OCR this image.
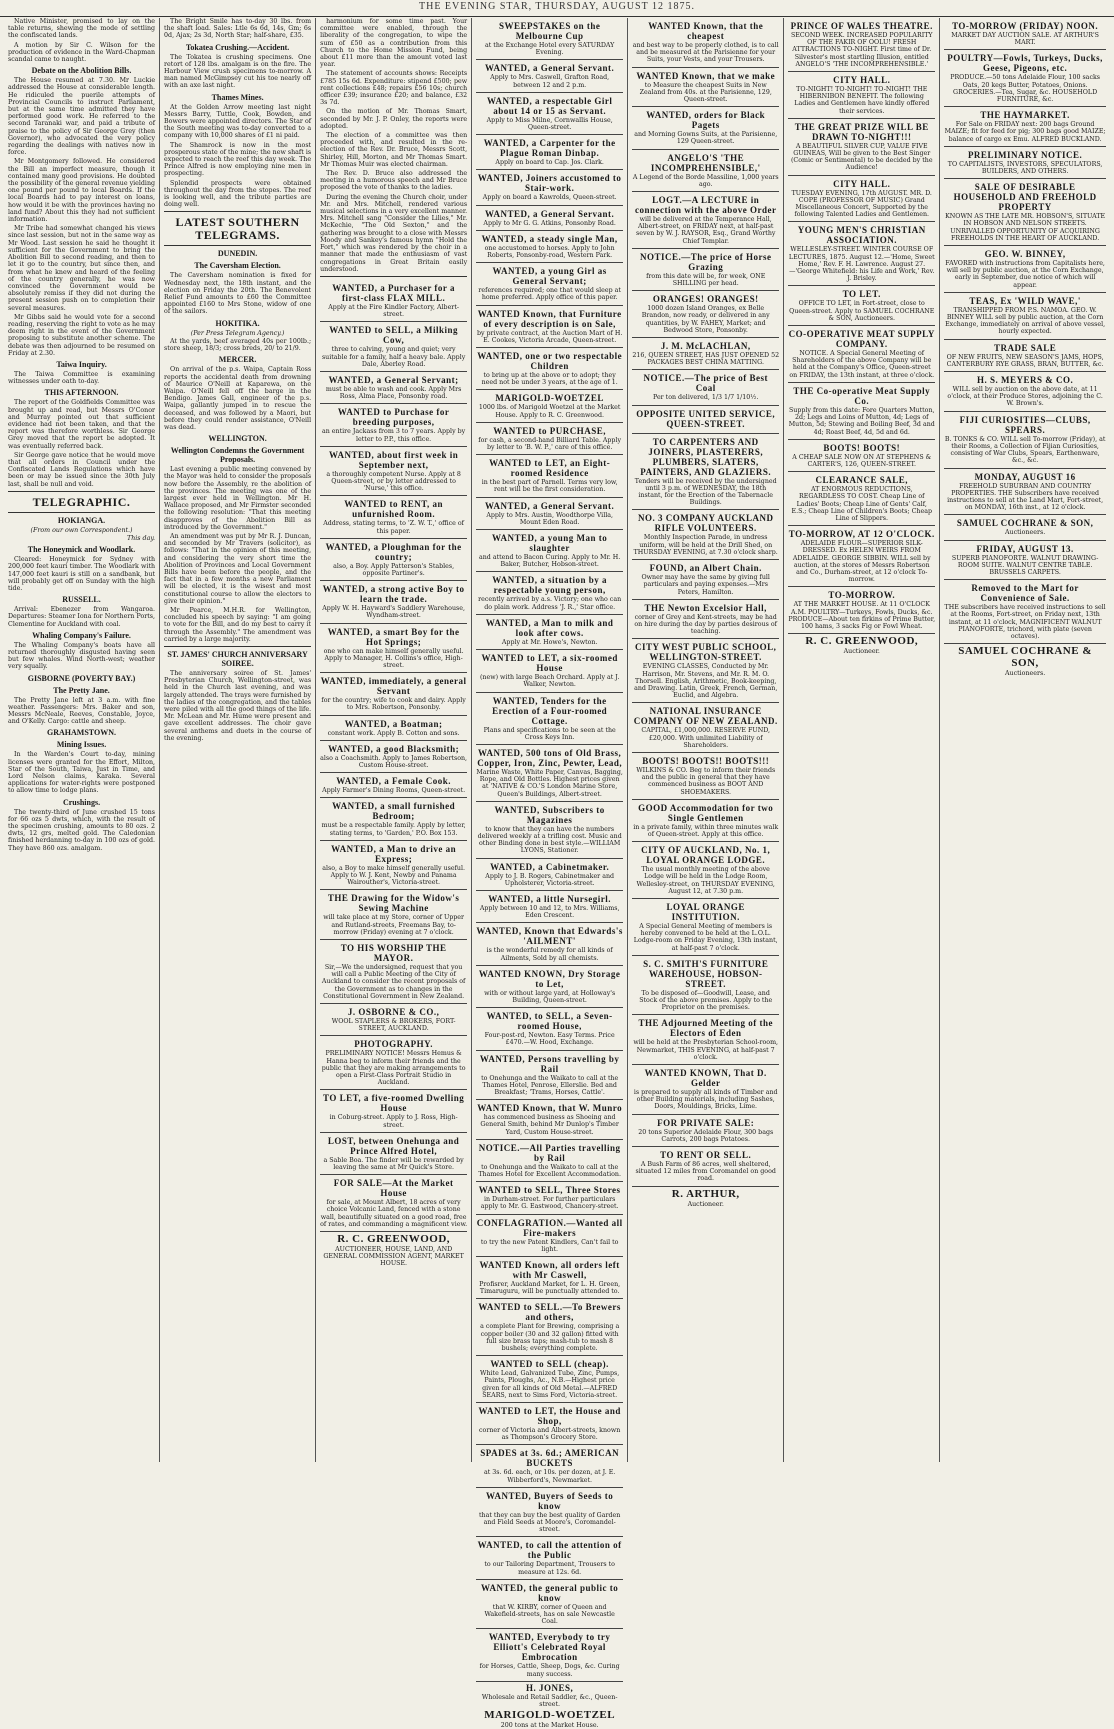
THE EVENING STAR, THURSDAY, AUGUST 12 1875.

Native Minister, promised to lay on the table returns, shewing the mode of settling the confiscated lands.

A motion by Sir C. Wilson for the production of evidence in the Ward-Chapman scandal came to naught.

Debate on the Abolition Bills.

The House resumed at 7.30. Mr Luckie addressed the House at considerable length. He ridiculed the puerile attempts of Provincial Councils to instruct Parliament, but at the same time admitted they have performed good work. He referred to the second Taranaki war, and paid a tribute of praise to the policy of Sir George Grey (then Governor), who advocated the very policy regarding the dealings with natives now in force.

Mr Montgomery followed. He considered the Bill an imperfect measure, though it contained many good provisions. He doubted the possibility of the general revenue yielding one pound per pound to local Boards. If the local Boards had to pay interest on loans, how would it be with the provinces having no land fund? About this they had not sufficient information.

Mr Tribe had somewhat changed his views since last session, but not in the same way as Mr Wood. Last session he said he thought it sufficient for the Government to bring the Abolition Bill to second reading, and then to let it go to the country, but since then, and from what he knew and heard of the feeling of the country generally, he was now convinced the Government would be absolutely remiss if they did not during the present session push on to completion their several measures.

Mr Gibbs said he would vote for a second reading, reserving the right to vote as he may deem right in the event of the Government proposing to substitute another scheme. The debate was then adjourned to be resumed on Friday at 2.30.

Taiwa Inquiry.

The Taiwa Committee is examining witnesses under oath to-day.

THIS AFTERNOON.

The report of the Goldfields Committee was brought up and read, but Messrs O'Conor and Murray pointed out that sufficient evidence had not been taken, and that the report was therefore worthless. Sir George Grey moved that the report be adopted. It was eventually referred back.

Sir George gave notice that he would move that all orders in Council under the Confiscated Lands Regulations which have been or may be issued since the 30th July last, shall be null and void.

TELEGRAPHIC.
HOKIANGA.
(From our own Correspondent.)
This day.
The Honeymick and Woodlark.

Cleared: Honeymick for Sydney with 200,000 feet kauri timber. The Woodlark with 147,000 feet kauri is still on a sandbank, but will probably get off on Sunday with the high tide.

RUSSELL.

Arrival: Ebenezer from Wangaroa. Departures: Steamer Iona for Northern Ports, Clementine for Auckland with coal.

Whaling Company's Failure.

The Whaling Company's boats have all returned thoroughly disgusted having seen but few whales. Wind North-west; weather very squally.

GISBORNE (POVERTY BAY.)
The Pretty Jane.

The Pretty Jane left at 3 a.m. with fine weather. Passengers: Mrs. Baker and son, Messrs McNeale, Reeves, Constable, Joyce, and O'Kelly. Cargo: cattle and sheep.

GRAHAMSTOWN.
Mining Issues.

In the Warden's Court to-day, mining licenses were granted for the Effort, Milton, Star of the South, Taiwa, Just in Time, and Lord Nelson claims, Karaka. Several applications for water-rights were postponed to allow time to lodge plans.

Crushings.

The twenty-third of June crushed 15 tons for 66 ozs 5 dwts, which, with the result of the specimen crushing, amounts to 80 ozs. 2 dwts, 12 grs, melted gold. The Caledonian finished herdanning to-day in 100 ozs of gold. They have 860 ozs. amalgam.

The Bright Smile has to-day 30 lbs. from the shaft load. Sales: Ltle 6s 6d, 14s, Gm; 6s 0d, Ajax; 2s 3d, North Star; half-share, £35.

Tokatea Crushing.—Accident.

The Tokatea is crushing specimens. One retort of 128 lbs. amalgam is on the fire. The Harbour View crush specimens to-morrow. A man named McGimpsey cut his toe nearly off with an axe last night.

Thames Mines.

At the Golden Arrow meeting last night Messrs Barry, Tuttle, Cook, Bowden, and Bowers were appointed directors. The Star of the South meeting was to-day converted to a company with 10,000 shares of £1 ni paid.

The Shamrock is now in the most prosperous state of the mine; the new shaft is expected to reach the reef this day week. The Prince Alfred is now employing nine men in prospecting.

Splendid prospects were obtained throughout the day from the stopes. The reef is looking well, and the tribute parties are doing well.

LATEST SOUTHERN TELEGRAMS.
DUNEDIN.
The Caversham Election.

The Caversham nomination is fixed for Wednesday next, the 18th instant, and the election on Friday the 20th. The Benevolent Relief Fund amounts to £60 the Committee appointed £160 to Mrs Stone, widow of one of the sailors.

HOKITIKA.
(Per Press Telegram Agency.)

At the yards, beef averaged 40s per 100lb.; store sheep, 18/3; cross breds, 20/ to 21/9.

MERCER.

On arrival of the p.s. Waipa, Captain Ross reports the accidental death from drowning of Maurice O'Neill at Kaparewa, on the Waipa. O'Neill fell off the barge in the Bendigo. James Gall, engineer of the p.s. Waipa, gallantly jumped in to rescue the deceased, and was followed by a Maori, but before they could render assistance, O'Neill was dead.

WELLINGTON.
Wellington Condemns the Government Proposals.

Last evening a public meeting convened by the Mayor was held to consider the proposals now before the Assembly, re the abolition of the provinces. The meeting was one of the largest ever held in Wellington. Mr H. Wallace proposed, and Mr Firmster seconded the following resolution: "That this meeting disapproves of the Abolition Bill as introduced by the Government."

An amendment was put by Mr R. J. Duncan, and seconded by Mr Travers (solicitor), as follows: "That in the opinion of this meeting, and considering the very short time the Abolition of Provinces and Local Government Bills have been before the people, and the fact that in a few months a new Parliament will be elected, it is the wisest and most constitutional course to allow the electors to give their opinion."

Mr Pearce, M.H.R. for Wellington, concluded his speech by saying: "I am going to vote for the Bill, and do my best to carry it through the Assembly." The amendment was carried by a large majority.

ST. JAMES' CHURCH ANNIVERSARY SOIREE.

The anniversary soiree of St. James' Presbyterian Church, Wellington-street, was held in the Church last evening, and was largely attended. The trays were furnished by the ladies of the congregation, and the tables were piled with all the good things of the life. Mr. McLean and Mr. Hume were present and gave excellent addresses. The choir gave several anthems and duets in the course of the evening.

harmonium for some time past. Your committee were enabled, through the liberality of the congregation, to wipe the sum of £50 as a contribution from this Church to the Home Mission Fund, being about £11 more than the amount voted last year.

The statement of accounts shows: Receipts £785 15s 6d. Expenditure: stipend £500; pew rent collections £48; repairs £56 10s; church officer £39; insurance £20; and balance, £32 3s 7d.

On the motion of Mr. Thomas Smart, seconded by Mr. J. P. Onley, the reports were adopted.

The election of a committee was then proceeded with, and resulted in the re-election of the Rev. Dr. Bruce, Messrs Scott, Shirley, Hill, Morton, and Mr Thomas Smart. Mr Thomas Muir was elected chairman.

The Rev. D. Bruce also addressed the meeting in a humorous speech and Mr Bruce proposed the vote of thanks to the ladies.

During the evening the Church choir, under Mr. and Mrs. Mitchell, rendered various musical selections in a very excellent manner. Mrs. Mitchell sang "Consider the Lilies," Mr. McKechie, "The Old Sexton," and the gathering was brought to a close with Messrs Moody and Sankey's famous hymn "Hold the Fort," which was rendered by the choir in a manner that made the enthusiasm of vast congregations in Great Britain easily understood.

WANTED, a Purchaser for a first-class FLAX MILL.
Apply at the Fire Kindler Factory, Albert-street.
WANTED to SELL, a Milking Cow,
three to calving, young and quiet; very suitable for a family, half a heavy bale. Apply Dale, Aberley Road.
WANTED, a General Servant;
must be able to wash and cook. Apply Mrs Ross, Alma Place, Ponsonby road.
WANTED to Purchase for breeding purposes,
an entire Jackass from 3 to 7 years. Apply by letter to P.P., this office.
WANTED, about first week in September next,
a thoroughly competent Nurse. Apply at 8 Queen-street, or by letter addressed to 'Nurse,' this office.
WANTED to RENT, an unfurnished Room.
Address, stating terms, to 'Z. W. T.,' office of this paper.
WANTED, a Ploughman for the country;
also, a Boy. Apply Patterson's Stables, opposite Partiner's.
WANTED, a strong active Boy to learn the trade.
Apply W. H. Hayward's Saddlery Warehouse, Wyndham-street.
WANTED, a smart Boy for the Hot Springs;
one who can make himself generally useful. Apply to Manager, H. Collins's office, High-street.
WANTED, immediately, a general Servant
for the country; wife to cook and dairy. Apply to Mrs. Robertson, Ponsonby.
WANTED, a Boatman;
constant work. Apply B. Cotton and sons.
WANTED, a good Blacksmith;
also a Coachsmith. Apply to James Robertson, Custom House-street.
WANTED, a Female Cook.
Apply Farmer's Dining Rooms, Queen-street.
WANTED, a small furnished Bedroom;
must be a respectable family. Apply by letter, stating terms, to 'Garden,' P.O. Box 153.
WANTED, a Man to drive an Express;
also, a Boy to make himself generally useful. Apply to W. J. Kent, Newby and Panama Wairouther's, Victoria-street.
THE Drawing for the Widow's Sewing Machine
will take place at my Store, corner of Upper and Rutland-streets, Freemans Bay, to-morrow (Friday) evening at 7 o'clock.
TO HIS WORSHIP THE MAYOR.
Sir,—We the undersigned, request that you will call a Public Meeting of the City of Auckland to consider the recent proposals of the Government as to changes in the Constitutional Government in New Zealand.
J. OSBORNE & CO.,
WOOL STAPLERS & BROKERS, FORT-STREET, AUCKLAND.
PHOTOGRAPHY.
PRELIMINARY NOTICE! Messrs Hemus & Hanna beg to inform their friends and the public that they are making arrangements to open a First-Class Portrait Studio in Auckland.
TO LET, a five-roomed Dwelling House
in Coburg-street. Apply to J. Ross, High-street.
LOST, between Onehunga and Prince Alfred Hotel,
a Sable Boa. The finder will be rewarded by leaving the same at Mr Quick's Store.
FOR SALE—At the Market House
for sale, at Mount Albert, 18 acres of very choice Volcanic Land, fenced with a stone wall, beautifully situated on a good road, free of rates, and commanding a magnificent view.
R. C. GREENWOOD,
AUCTIONEER, HOUSE, LAND, AND GENERAL COMMISSION AGENT, MARKET HOUSE.
SWEEPSTAKES on the Melbourne Cup
at the Exchange Hotel every SATURDAY Evening.
WANTED, a General Servant.
Apply to Mrs. Caswell, Grafton Road, between 12 and 2 p.m.
WANTED, a respectable Girl about 14 or 15 as Servant.
Apply to Miss Milne, Cornwallis House, Queen-street.
WANTED, a Carpenter for the Plague Roman Dinbap.
Apply on board to Cap. Jos. Clark.
WANTED, Joiners accustomed to Stair-work.
Apply on board a Kawrolds, Queen-street.
WANTED, a General Servant.
Apply to Mr G. G. Atkins, Ponsonby Road.
WANTED, a steady single Man,
one accustomed to horses. Apply to John Roberts, Ponsonby-road, Western Park.
WANTED, a young Girl as General Servant;
references required; one that would sleep at home preferred. Apply office of this paper.
WANTED Known, that Furniture of every description is on Sale,
by private contract, at the Auction Mart of H. E. Cookes, Victoria Arcade, Queen-street.
WANTED, one or two respectable Children
to bring up at the above or to adopt; they need not be under 3 years, at the age of 1.
MARIGOLD-WOETZEL
1000 lbs. of Marigold Woetzel at the Market House. Apply to R. C. Greenwood.
WANTED to PURCHASE,
for cash, a second-hand Billiard Table. Apply by letter to 'B. W. P.,' care of this office.
WANTED to LET, an Eight-roomed Residence
in the best part of Parnell. Terms very low, rent will be the first consideration.
WANTED, a General Servant.
Apply to Mrs. Austin, Woodthorpe Villa, Mount Eden Road.
WANTED, a young Man to slaughter
and attend to Bacon Curing. Apply to Mr. H. Baker, Butcher, Hobson-street.
WANTED, a situation by a respectable young person,
recently arrived by a.s. Victory; one who can do plain work. Address 'J. R.,' Star office.
WANTED, a Man to milk and look after cows.
Apply at Mr. Howe's, Newton.
WANTED to LET, a six-roomed House
(new) with large Beach Orchard. Apply at J. Walker, Newton.
WANTED, Tenders for the Erection of a Four-roomed Cottage.
Plans and specifications to be seen at the Cross Keys Inn.
WANTED, 500 tons of Old Brass, Copper, Iron, Zinc, Pewter, Lead,
Marine Waste, White Paper, Canvas, Bagging, Rope, and Old Bottles. Highest prices given at 'NATIVE & CO.'S London Marine Store, Queen's Buildings, Albert-street.
WANTED, Subscribers to Magazines
to know that they can have the numbers delivered weekly at a trifling cost. Music and other Binding done in best style.—WILLIAM LYONS, Stationer.
WANTED, a Cabinetmaker.
Apply to J. B. Rogers, Cabinetmaker and Upholsterer, Victoria-street.
WANTED, a little Nursegirl.
Apply between 10 and 12, to Mrs. Williams, Eden Crescent.
WANTED, Known that Edwards's 'AILMENT'
is the wonderful remedy for all kinds of Ailments, Sold by all chemists.
WANTED KNOWN, Dry Storage to Let,
with or without large yard, at Holloway's Building, Queen-street.
WANTED, to SELL, a Seven-roomed House,
Four-post-rd, Newton. Easy Terms. Price £470.—W. Hood, Exchange.
WANTED, Persons travelling by Rail
to Onehunga and the Waikato to call at the Thames Hotel, Penrose, Ellerslie. Bed and Breakfast; 'Trams, Horses, Cattle'.
WANTED Known, that W. Munro
has commenced business as Shoeing and General Smith, behind Mr Dunlop's Timber Yard, Custom House-street.
NOTICE.—All Parties travelling by Rail
to Onehunga and the Waikato to call at the Thames Hotel for Excellent Accommodation.
WANTED to SELL, Three Stores
in Durham-street. For further particulars apply to Mr. G. Eastwood, Chancery-street.
CONFLAGRATION.—Wanted all Fire-makers
to try the new Patent Kindlers, Can't fail to light.
WANTED Known, all orders left with Mr Caswell,
Profisrer, Auckland Market, for L. H. Green, Timaruguru, will be punctually attended to.
WANTED to SELL.—To Brewers and others,
a complete Plant for Brewing, comprising a copper boiler (30 and 32 gallon) fitted with full size brass taps; mash-tub to mash 8 bushels; everything complete.
WANTED to SELL (cheap).
White Lead, Galvanized Tube, Zinc, Pumps, Paints, Ploughs, Ac., N.B.—Highest price given for all kinds of Old Metal.—ALFRED SEARS, next to Sims Ford, Victoria-street.
WANTED to LET, the House and Shop,
corner of Victoria and Albert-streets, known as Thompson's Grocery Store.
SPADES at 3s. 6d.; AMERICAN BUCKETS
at 3s. 6d. each, or 10s. per dozen, at J. E. Wibberford's, Newmarket.
WANTED, Buyers of Seeds to know
that they can buy the best quality of Garden and Field Seeds at Moore's, Coromandel-street.
WANTED, to call the attention of the Public
to our Tailoring Department, Trousers to measure at 12s. 6d.
WANTED, the general public to know
that W. KIRBY, corner of Queen and Wakefield-streets, has on sale Newcastle Coal.
WANTED, Everybody to try Elliott's Celebrated Royal Embrocation
for Horses, Cattle, Sheep, Dogs, &c. Curing many success.
H. JONES,
Wholesale and Retail Saddler, &c., Queen-street.
MARIGOLD-WOETZEL
200 tons at the Market House.
WANTED Known, that the cheapest
and best way to be properly clothed, is to call and be measured at the Parisienne for your Suits, your Vests, and your Trousers.
WANTED Known, that we make
to Measure the cheapest Suits in New Zealand from 40s. at the Parisienne, 129, Queen-street.
WANTED, orders for Black Pagets
and Morning Gowns Suits, at the Parisienne, 129 Queen-street.
ANGELO'S 'THE INCOMPREHENSIBLE,'
A Legend of the Borde Massiline, 1,000 years ago.
LOGT.—A LECTURE in connection with the above Order
will be delivered at the Temperance Hall, Albert-street, on FRIDAY next, at half-past seven by W. J. RAYSOR, Esq., Grand Worthy Chief Templar.
NOTICE.—The price of Horse Grazing
from this date will be, for week, ONE SHILLING per head.
ORANGES! ORANGES!
1000 dozen Island Oranges, ex Belle Brandon, now ready, or delivered in any quantities, by W. FAHEY, Market; and Bedwood Store, Ponsonby.
J. M. McLACHLAN,
216, QUEEN STREET, HAS JUST OPENED 52 PACKAGES BEST CHINA MATTING.
NOTICE.—The price of Best Coal
Per ton delivered, 1/3 1/7 1/10½.
OPPOSITE UNITED SERVICE, QUEEN-STREET.
TO CARPENTERS AND JOINERS, PLASTERERS, PLUMBERS, SLATERS, PAINTERS, AND GLAZIERS.
Tenders will be received by the undersigned until 3 p.m. of WEDNESDAY, the 18th instant, for the Erection of the Tabernacle Buildings.
NO. 3 COMPANY AUCKLAND RIFLE VOLUNTEERS.
Monthly Inspection Parade, in undress uniform, will be held at the Drill Shed, on THURSDAY EVENING, at 7.30 o'clock sharp.
FOUND, an Albert Chain.
Owner may have the same by giving full particulars and paying expenses.—Mrs Peters, Hamilton.
THE Newton Excelsior Hall,
corner of Grey and Kent-streets, may be had on hire during the day by parties desirous of teaching.
CITY WEST PUBLIC SCHOOL, WELLINGTON-STREET.
EVENING CLASSES, Conducted by Mr. Harrison, Mr. Stevens, and Mr. R. M. O. Thorsell. English, Arithmetic, Book-keeping, and Drawing. Latin, Greek, French, German, Euclid, and Algebra.
NATIONAL INSURANCE COMPANY OF NEW ZEALAND.
CAPITAL, £1,000,000. RESERVE FUND, £20,000. With unlimited Liability of Shareholders.
BOOTS! BOOTS!! BOOTS!!!
WILKINS & CO. Beg to inform their friends and the public in general that they have commenced business as BOOT AND SHOEMAKERS.
GOOD Accommodation for two Single Gentlemen
in a private family, within three minutes walk of Queen-street. Apply at this office.
CITY OF AUCKLAND, No. 1, LOYAL ORANGE LODGE.
The usual monthly meeting of the above Lodge will be held in the Lodge Room, Wellesley-street, on THURSDAY EVENING, August 12, at 7.30 p.m.
LOYAL ORANGE INSTITUTION.
A Special General Meeting of members is hereby convened to be held at the L.O.L. Lodge-room on Friday Evening, 13th instant, at half-past 7 o'clock.
S. C. SMITH'S FURNITURE WAREHOUSE, HOBSON-STREET.
To be disposed of—Goodwill, Lease, and Stock of the above premises. Apply to the Proprietor on the premises.
THE Adjourned Meeting of the Electors of Eden
will be held at the Presbyterian School-room, Newmarket, THIS EVENING, at half-past 7 o'clock.
WANTED KNOWN, That D. Gelder
is prepared to supply all kinds of Timber and other Building materials, including Sashes, Doors, Mouldings, Bricks, Lime.
FOR PRIVATE SALE:
20 tons Superior Adelaide Flour, 300 bags Carrots, 200 bags Potatoes.
TO RENT OR SELL.
A Bush Farm of 86 acres, well sheltered, situated 12 miles from Coromandel on good road.
R. ARTHUR,
Auctioneer.
PRINCE OF WALES THEATRE.
SECOND WEEK. INCREASED POPULARITY OF THE FAKIR OF OOLU! FRESH ATTRACTIONS TO-NIGHT. First time of Dr. Silvester's most startling Illusion, entitled ANGELO'S 'THE INCOMPREHENSIBLE.'
CITY HALL.
TO-NIGHT! TO-NIGHT! TO-NIGHT! THE HIBERNIBON BENEFIT. The following Ladies and Gentlemen have kindly offered their services.
THE GREAT PRIZE WILL BE DRAWN TO-NIGHT!!!
A BEAUTIFUL SILVER CUP, VALUE FIVE GUINEAS, Will be given to the Best Singer (Comic or Sentimental) to be decided by the Audience!
CITY HALL.
TUESDAY EVENING, 17th AUGUST. MR. D. COPE (PROFESSOR OF MUSIC) Grand Miscellaneous Concert, Supported by the following Talented Ladies and Gentlemen.
YOUNG MEN'S CHRISTIAN ASSOCIATION.
WELLESLEY-STREET. WINTER COURSE OF LECTURES, 1875. August 12.—'Home, Sweet Home,' Rev. F. H. Lawrence. August 27.—'George Whitefield: his Life and Work,' Rev. J. Brisley.
TO LET.
OFFICE TO LET, in Fort-street, close to Queen-street. Apply to SAMUEL COCHRANE & SON, Auctioneers.
CO-OPERATIVE MEAT SUPPLY COMPANY.
NOTICE. A Special General Meeting of Shareholders of the above Company will be held at the Company's Office, Queen-street on FRIDAY, the 13th instant, at three o'clock.
THE Co-operative Meat Supply Co.
Supply from this date: Fore Quarters Mutton, 2d; Legs and Loins of Mutton, 4d; Legs of Mutton, 5d; Stewing and Boiling Beef, 3d and 4d; Roast Beef, 4d, 5d and 6d.
BOOTS! BOOTS!
A CHEAP SALE NOW ON AT STEPHENS & CARTER'S, 126, QUEEN-STREET.
CLEARANCE SALE,
AT ENORMOUS REDUCTIONS, REGARDLESS TO COST. Cheap Line of Ladies' Boots; Cheap Line of Gents' Calf, E.S.; Cheap Line of Children's Boots; Cheap Line of Slippers.
TO-MORROW, AT 12 O'CLOCK.
ADELAIDE FLOUR—SUPERIOR SILK-DRESSED. Ex HELEN WEIRS FROM ADELAIDE. GEORGE SIBBIN. WILL sell by auction, at the stores of Messrs Robertson and Co., Durham-street, at 12 o'clock To-morrow.
TO-MORROW.
AT THE MARKET HOUSE. At 11 O'CLOCK A.M. POULTRY—Turkeys, Fowls, Ducks, &c. PRODUCE—About ten firkins of Prime Butter, 100 hams, 3 sacks Fig or Fowl Wheat.
R. C. GREENWOOD,
Auctioneer.
TO-MORROW (FRIDAY) NOON.
MARKET DAY AUCTION SALE. AT ARTHUR'S MART.
POULTRY—Fowls, Turkeys, Ducks, Geese, Pigeons, etc.
PRODUCE.—50 tons Adelaide Flour, 100 sacks Oats, 20 kegs Butter, Potatoes, Onions. GROCERIES.—Tea, Sugar, &c. HOUSEHOLD FURNITURE, &c.
THE HAYMARKET.
For Sale on FRIDAY next: 200 bags Ground MAIZE; fit for feed for pig; 300 bags good MAIZE; balance of cargo ex Emu. ALFRED BUCKLAND.
PRELIMINARY NOTICE.
TO CAPITALISTS, INVESTORS, SPECULATORS, BUILDERS, AND OTHERS.
SALE OF DESIRABLE HOUSEHOLD AND FREEHOLD PROPERTY
KNOWN AS THE LATE MR. HOBSON'S, SITUATE IN HOBSON AND NELSON STREETS. UNRIVALLED OPPORTUNITY OF ACQUIRING FREEHOLDS IN THE HEART OF AUCKLAND.
GEO. W. BINNEY,
FAVORED with instructions from Capitalists here, will sell by public auction, at the Corn Exchange, early in September, due notice of which will appear.
TEAS, Ex 'WILD WAVE,'
TRANSHIPPED FROM P.S. NAMOA. GEO. W. BINNEY WILL sell by public auction, at the Corn Exchange, immediately on arrival of above vessel, hourly expected.
TRADE SALE
OF NEW FRUITS, NEW SEASON'S JAMS, HOPS, CANTERBURY RYE GRASS, BRAN, BUTTER, &c.
H. S. MEYERS & CO.
WILL sell by auction on the above date, at 11 o'clock, at their Produce Stores, adjoining the C. W. Brown's.
FIJI CURIOSITIES—CLUBS, SPEARS.
B. TONKS & CO. WILL sell To-morrow (Friday), at their Rooms, a Collection of Fijian Curiosities, consisting of War Clubs, Spears, Earthenware, &c., &c.
MONDAY, AUGUST 16
FREEHOLD SUBURBAN AND COUNTRY PROPERTIES. THE Subscribers have received instructions to sell at the Land Mart, Fort-street, on MONDAY, 16th inst., at 12 o'clock.
SAMUEL COCHRANE & SON,
Auctioneers.
FRIDAY, AUGUST 13.
SUPERB PIANOFORTE. WALNUT DRAWING-ROOM SUITE. WALNUT CENTRE TABLE. BRUSSELS CARPETS.
Removed to the Mart for Convenience of Sale.
THE subscribers have received instructions to sell at the Rooms, Fort-street, on Friday next, 13th instant, at 11 o'clock, MAGNIFICENT WALNUT PIANOFORTE, trichord, with plate (seven octaves).
SAMUEL COCHRANE & SON,
Auctioneers.
